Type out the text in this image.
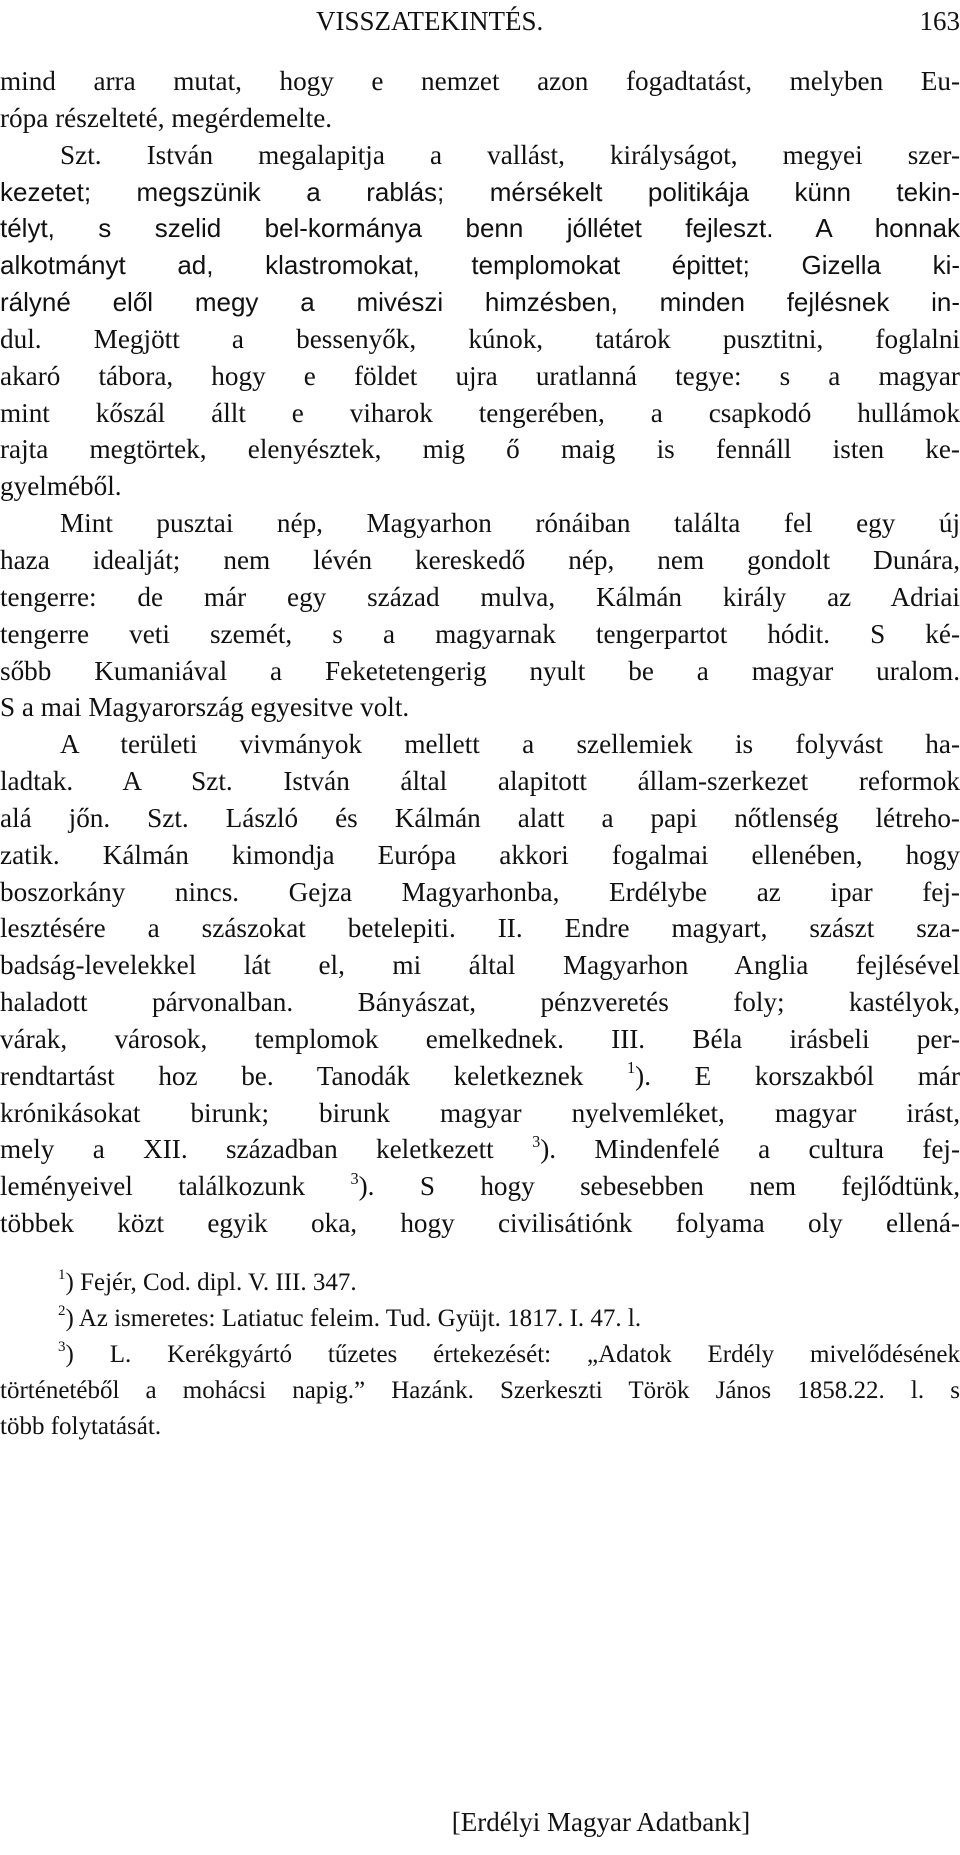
VISSZATEKINTÉS.	163
mind arra mutat, hogy e nemzet azon fogadtatást, melyben Eu-
rópa részelteté, megérdemelte.
Szt. István megalapitja a vallást, királyságot, megyei szer-
kezetet; megszünik a rablás; mérsékelt politikája künn tekin-
télyt, s szelid bel-kormánya benn jóllétet fejleszt. A honnak
alkotmányt ad, klastromokat, templomokat épittet; Gizella ki-
rályné elől megy a mivészi himzésben, minden fejlésnek in-
dul. Megjött a bessenyők, kúnok, tatárok pusztitni, foglalni
akaró tábora, hogy e földet ujra uratlanná tegye: s a magyar
mint kőszál állt e viharok tengerében, a csapkodó hullámok
rajta megtörtek, elenyésztek, mig ő maig is fennáll isten ke-
gyelméből.
Mint pusztai nép, Magyarhon rónáiban találta fel egy új
haza idealját; nem lévén kereskedő nép, nem gondolt Dunára,
tengerre: de már egy század mulva, Kálmán király az Adriai
tengerre veti szemét, s a magyarnak tengerpartot hódit. S ké-
sőbb Kumaniával a Feketetengerig nyult be a magyar uralom.
S a mai Magyarország egyesitve volt.
A területi vivmányok mellett a szellemiek is folyvást ha-
ladtak. A Szt. István által alapitott állam-szerkezet reformok
alá jőn. Szt. László és Kálmán alatt a papi nőtlenség létreho-
zatik. Kálmán kimondja Európa akkori fogalmai ellenében, hogy
boszorkány nincs. Gejza Magyarhonba, Erdélybe az ipar fej-
lesztésére a szászokat betelepiti. II. Endre magyart, szászt sza-
badság-levelekkel lát el, mi által Magyarhon Anglia fejlésével
haladott párvonalban. Bányászat, pénzveretés foly; kastélyok,
várak, városok, templomok emelkednek. III. Béla irásbeli per-
rendtartást hoz be. Tanodák keletkeznek	$^1$). E korszakból már
krónikásokat birunk; birunk magyar nyelvemléket, magyar irást,
mely a XII. században keletkezett $^3$). Mindenfelé a cultura fej-
leményeivel találkozunk	$^3$). S hogy sebesebben nem fejlődtünk,
többek közt egyik oka, hogy civilisátiónk folyama oly ellená-
$^1$) Fejér, Cod. dipl. V. III. 347.
$^2$) Az ismeretes: Latiatuc feleim. Tud. Gyüjt. 1817. I. 47. l.
$^3$) L. Kerékgyártó tűzetes értekezését: „Adatok Erdély mivelődésének
történetéből a mohácsi napig.” Hazánk. Szerkeszti Török János 1858.22. l. s
több folytatását.
[Erdélyi Magyar Adatbank]
